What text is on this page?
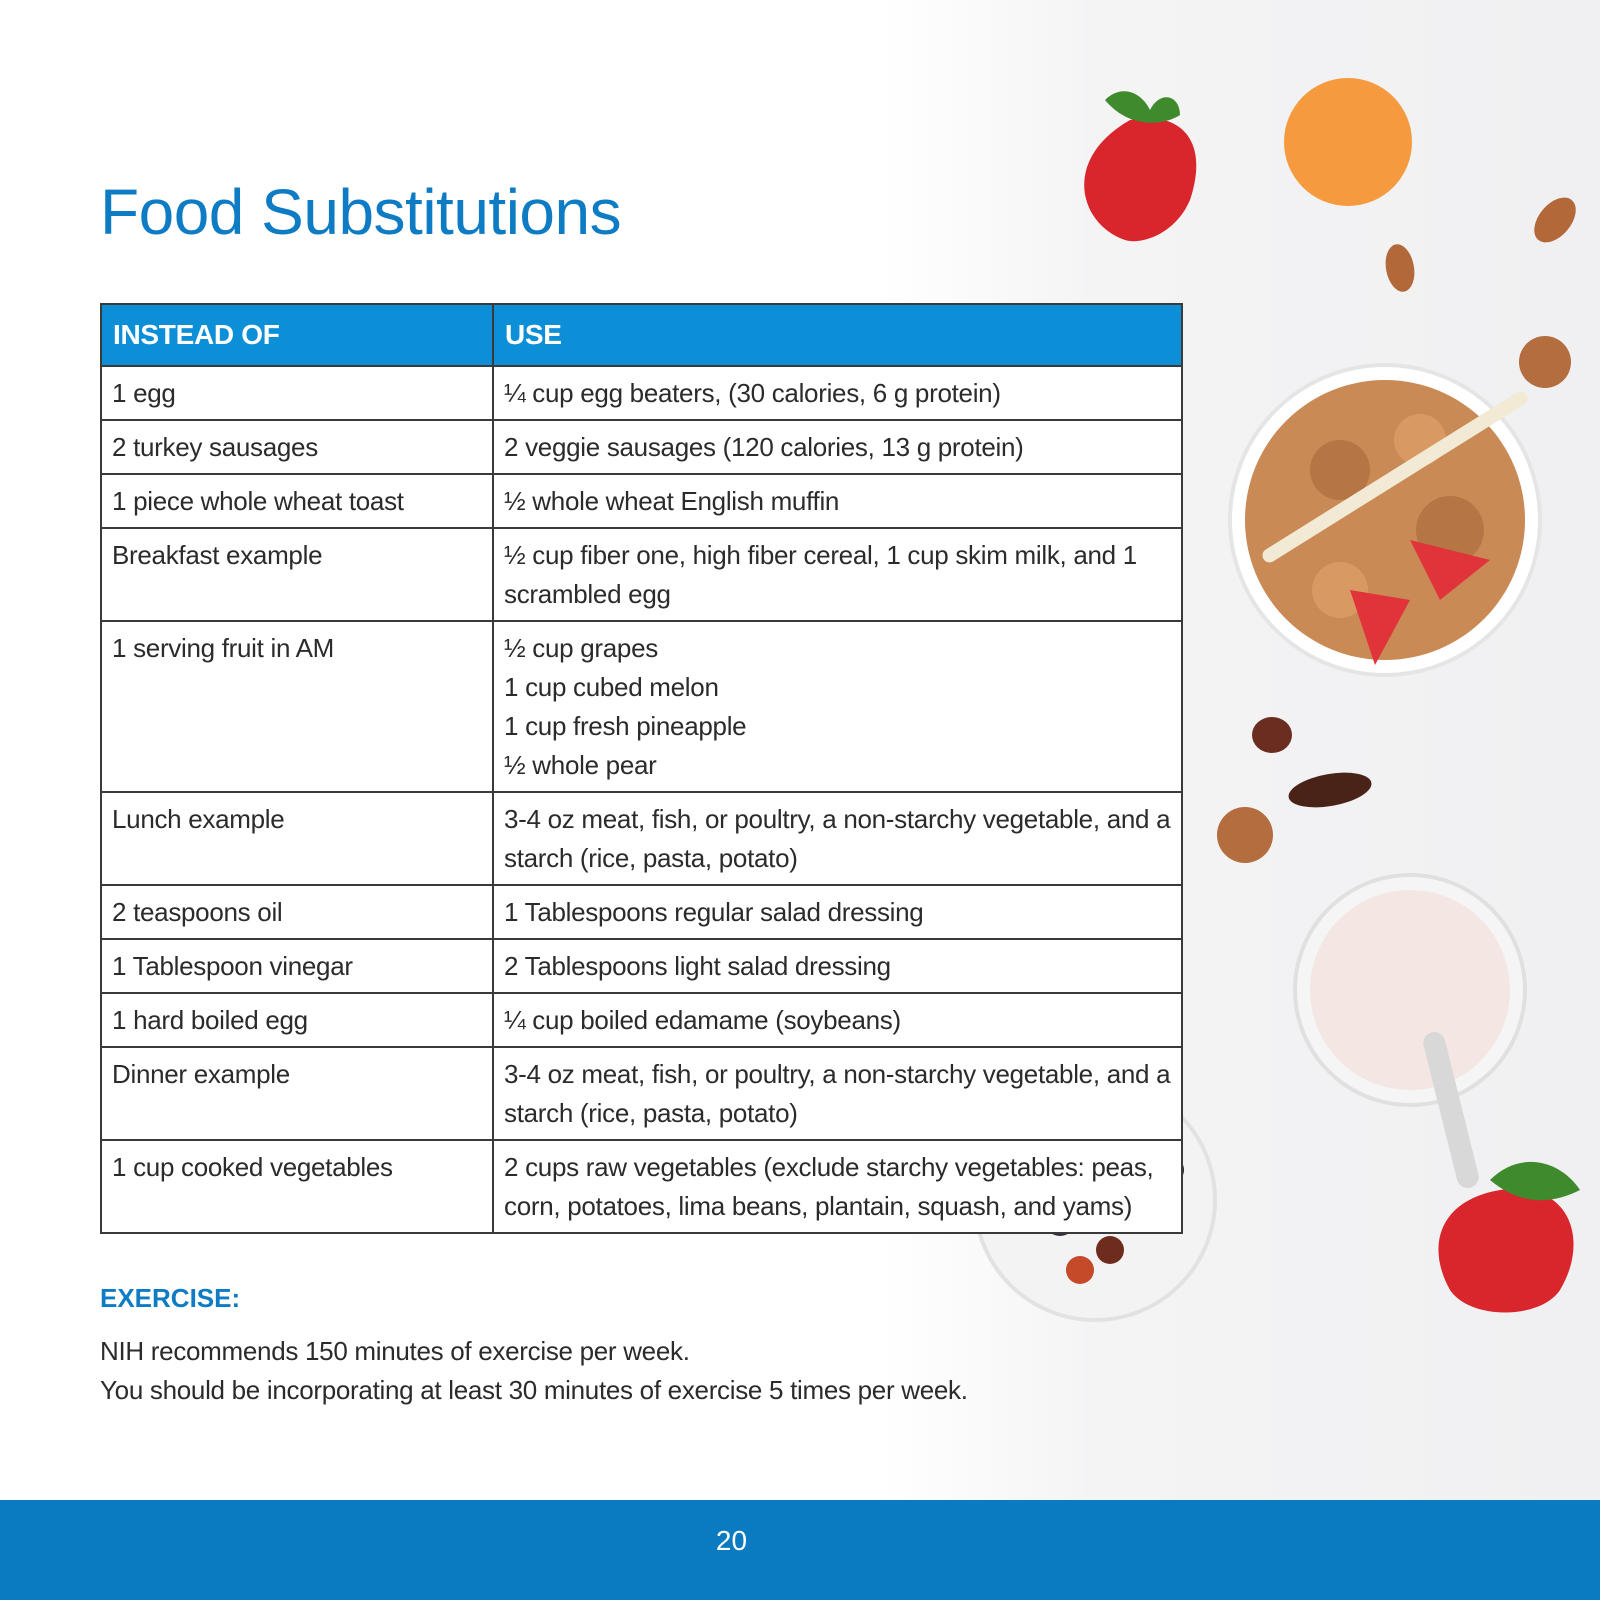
Food Substitutions
INSTEAD OF	USE
1 egg	¼ cup egg beaters, (30 calories, 6 g protein)

2 turkey sausages	2 veggie sausages (120 calories, 13 g protein)

1 piece whole wheat toast	½ whole wheat English muffin

Breakfast example	½ cup fiber one, high fiber cereal, 1 cup skim milk, and 1 scrambled egg

1 serving fruit in AM	½ cup grapes
1 cup cubed melon
1 cup fresh pineapple
½ whole pear

Lunch example	3-4 oz meat, fish, or poultry, a non-starchy vegetable, and a starch (rice, pasta, potato)

2 teaspoons oil	1 Tablespoons regular salad dressing

1 Tablespoon vinegar	2 Tablespoons light salad dressing

1 hard boiled egg	¼ cup boiled edamame (soybeans)

Dinner example	3-4 oz meat, fish, or poultry, a non-starchy vegetable, and a starch (rice, pasta, potato)

1 cup cooked vegetables	2 cups raw vegetables (exclude starchy vegetables: peas, corn, potatoes, lima beans, plantain, squash, and yams)
EXERCISE:
NIH recommends 150 minutes of exercise per week.
You should be incorporating at least 30 minutes of exercise 5 times per week.
20
